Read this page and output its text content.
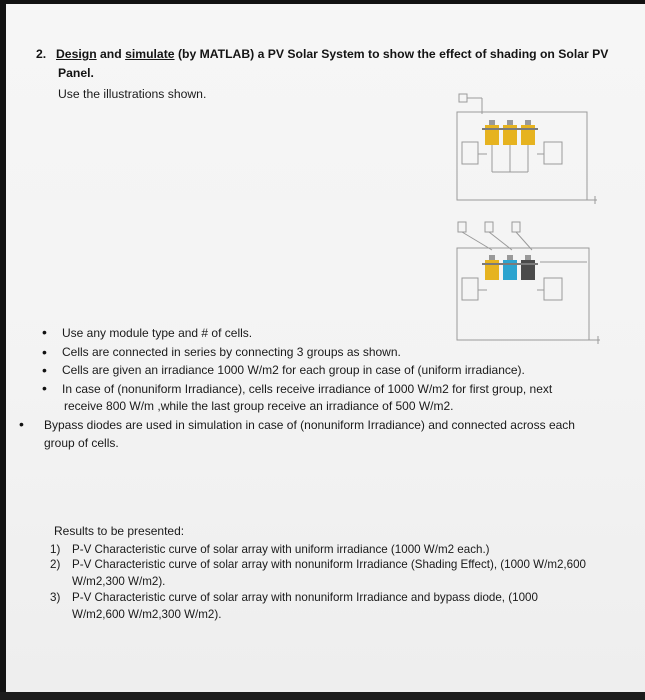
2. Design and simulate (by MATLAB) a PV Solar System to show the effect of shading on Solar PV
Panel.
Use the illustrations shown.
• Use any module type and # of cells.
• Cells are connected in series by connecting 3 groups as shown.
• Cells are given an irradiance 1000 W/m2 for each group in case of (uniform irradiance).
• In case of (nonuniform Irradiance), cells receive irradiance of 1000 W/m2 for first group, next
receive 800 W/m ,while the last group receive an irradiance of 500 W/m2.
• Bypass diodes are used in simulation in case of (nonuniform Irradiance) and connected across each
group of cells.
Results to be presented:
1)	P-V Characteristic curve of solar array with uniform irradiance (1000 W/m2 each.)
2)	P-V Characteristic curve of solar array with nonuniform Irradiance (Shading Effect), (1000 W/m2,600
W/m2,300 W/m2).
3)	P-V Characteristic curve of solar array with nonuniform Irradiance and bypass diode, (1000
W/m2,600 W/m2,300 W/m2).
